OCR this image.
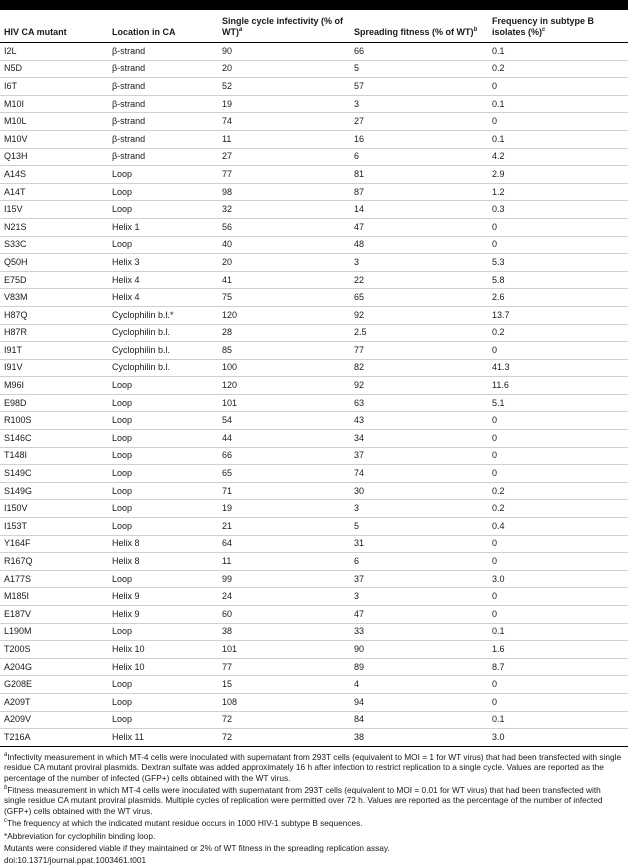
HIV CA mutant	Location in CA	Single cycle infectivity (% of WT)$^a$	Spreading fitness (% of WT)$^b$	Frequency in subtype B isolates (%)$^c$
I2L	β-strand	90	66	0.1
N5D	β-strand	20	5	0.2
I6T	β-strand	52	57	0
M10I	β-strand	19	3	0.1
M10L	β-strand	74	27	0
M10V	β-strand	11	16	0.1
Q13H	β-strand	27	6	4.2
A14S	Loop	77	81	2.9
A14T	Loop	98	87	1.2
I15V	Loop	32	14	0.3
N21S	Helix 1	56	47	0
S33C	Loop	40	48	0
Q50H	Helix 3	20	3	5.3
E75D	Helix 4	41	22	5.8
V83M	Helix 4	75	65	2.6
H87Q	Cyclophilin b.l.*	120	92	13.7
H87R	Cyclophilin b.l.	28	2.5	0.2
I91T	Cyclophilin b.l.	85	77	0
I91V	Cyclophilin b.l.	100	82	41.3
M96I	Loop	120	92	11.6
E98D	Loop	101	63	5.1
R100S	Loop	54	43	0
S146C	Loop	44	34	0
T148I	Loop	66	37	0
S149C	Loop	65	74	0
S149G	Loop	71	30	0.2
I150V	Loop	19	3	0.2
I153T	Loop	21	5	0.4
Y164F	Helix 8	64	31	0
R167Q	Helix 8	11	6	0
A177S	Loop	99	37	3.0
M185I	Helix 9	24	3	0
E187V	Helix 9	60	47	0
L190M	Loop	38	33	0.1
T200S	Helix 10	101	90	1.6
A204G	Helix 10	77	89	8.7
G208E	Loop	15	4	0
A209T	Loop	108	94	0
A209V	Loop	72	84	0.1
T216A	Helix 11	72	38	3.0

$^a$Infectivity measurement in which MT-4 cells were inoculated with supernatant from 293T cells (equivalent to MOI = 1 for WT virus) that had been transfected with single residue CA mutant proviral plasmids. Dextran sulfate was added approximately 16 h after infection to restrict replication to a single cycle. Values are reported as the percentage of the number of infected (GFP+) cells obtained with the WT virus.

$^b$Fitness measurement in which MT-4 cells were inoculated with supernatant from 293T cells (equivalent to MOI = 0.01 for WT virus) that had been transfected with single residue CA mutant proviral plasmids. Multiple cycles of replication were permitted over 72 h. Values are reported as the percentage of the number of infected (GFP+) cells obtained with the WT virus.

$^c$The frequency at which the indicated mutant residue occurs in 1000 HIV-1 subtype B sequences.

*Abbreviation for cyclophilin binding loop.

Mutants were considered viable if they maintained or 2% of WT fitness in the spreading replication assay.

doi:10.1371/journal.ppat.1003461.t001
